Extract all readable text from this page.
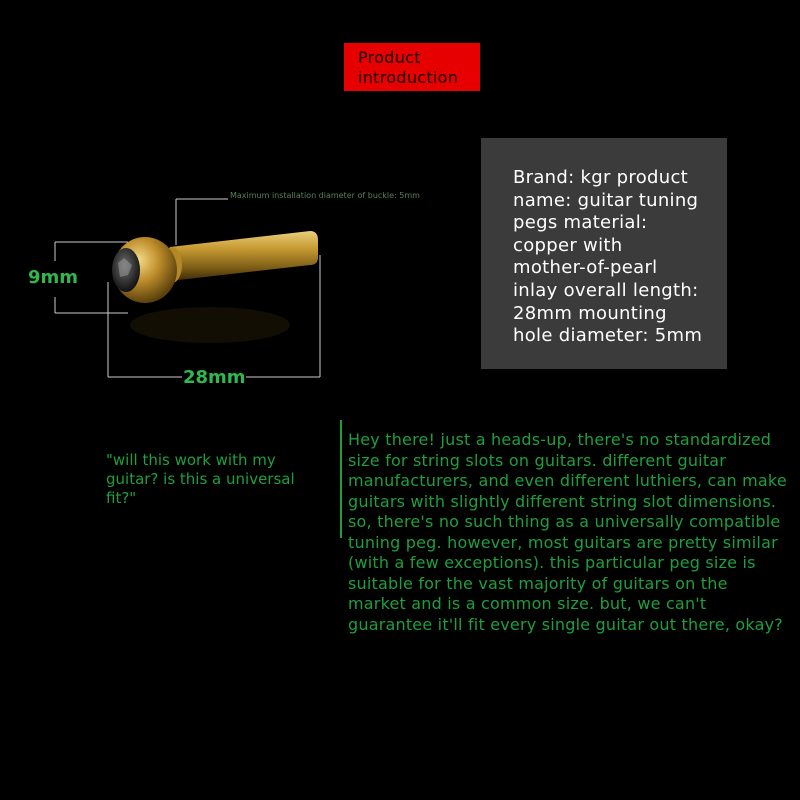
Product introduction
Brand: kgr product
name: guitar tuning
pegs material:
copper with
mother-of-pearl
inlay overall length:
28mm mounting
hole diameter: 5mm
Maximum installation diameter of buckle: 5mm
9mm
28mm
"will this work with my guitar? is this a universal fit?"
Hey there! just a heads-up, there's no standardized size for string slots on guitars. different guitar manufacturers, and even different luthiers, can make guitars with slightly different string slot dimensions. so, there's no such thing as a universally compatible tuning peg. however, most guitars are pretty similar (with a few exceptions). this particular peg size is suitable for the vast majority of guitars on the market and is a common size. but, we can't guarantee it'll fit every single guitar out there, okay?
